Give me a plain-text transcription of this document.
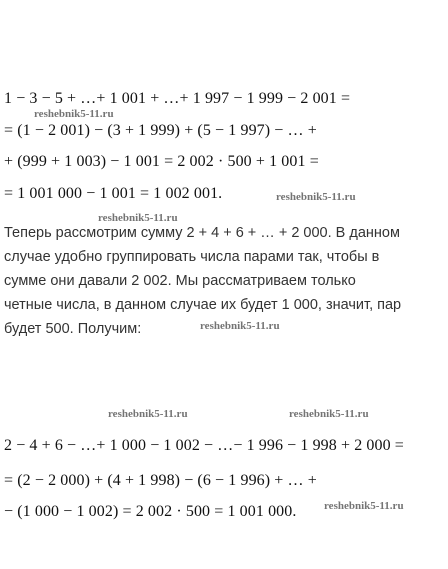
1 − 3 − 5 + …+ 1 001 + …+ 1 997 − 1 999 − 2 001 =
= (1 − 2 001) − (3 + 1 999) + (5 − 1 997) − … +
+ (999 + 1 003) − 1 001 = 2 002 · 500 + 1 001 =
= 1 001 000 − 1 001 = 1 002 001.
Теперь рассмотрим сумму 2 + 4 + 6 + … + 2 000. В данном
случае удобно группировать числа парами так, чтобы в
сумме они давали 2 002. Мы рассматриваем только
четные числа, в данном случае их будет 1 000, значит, пар
будет 500. Получим:
2 − 4 + 6 − …+ 1 000 − 1 002 − …− 1 996 − 1 998 + 2 000 =
= (2 − 2 000) + (4 + 1 998) − (6 − 1 996) + … +
− (1 000 − 1 002) = 2 002 · 500 = 1 001 000.
reshebnik5-11.ru
reshebnik5-11.ru
reshebnik5-11.ru
reshebnik5-11.ru
reshebnik5-11.ru	reshebnik5-11.ru
reshebnik5-11.ru
